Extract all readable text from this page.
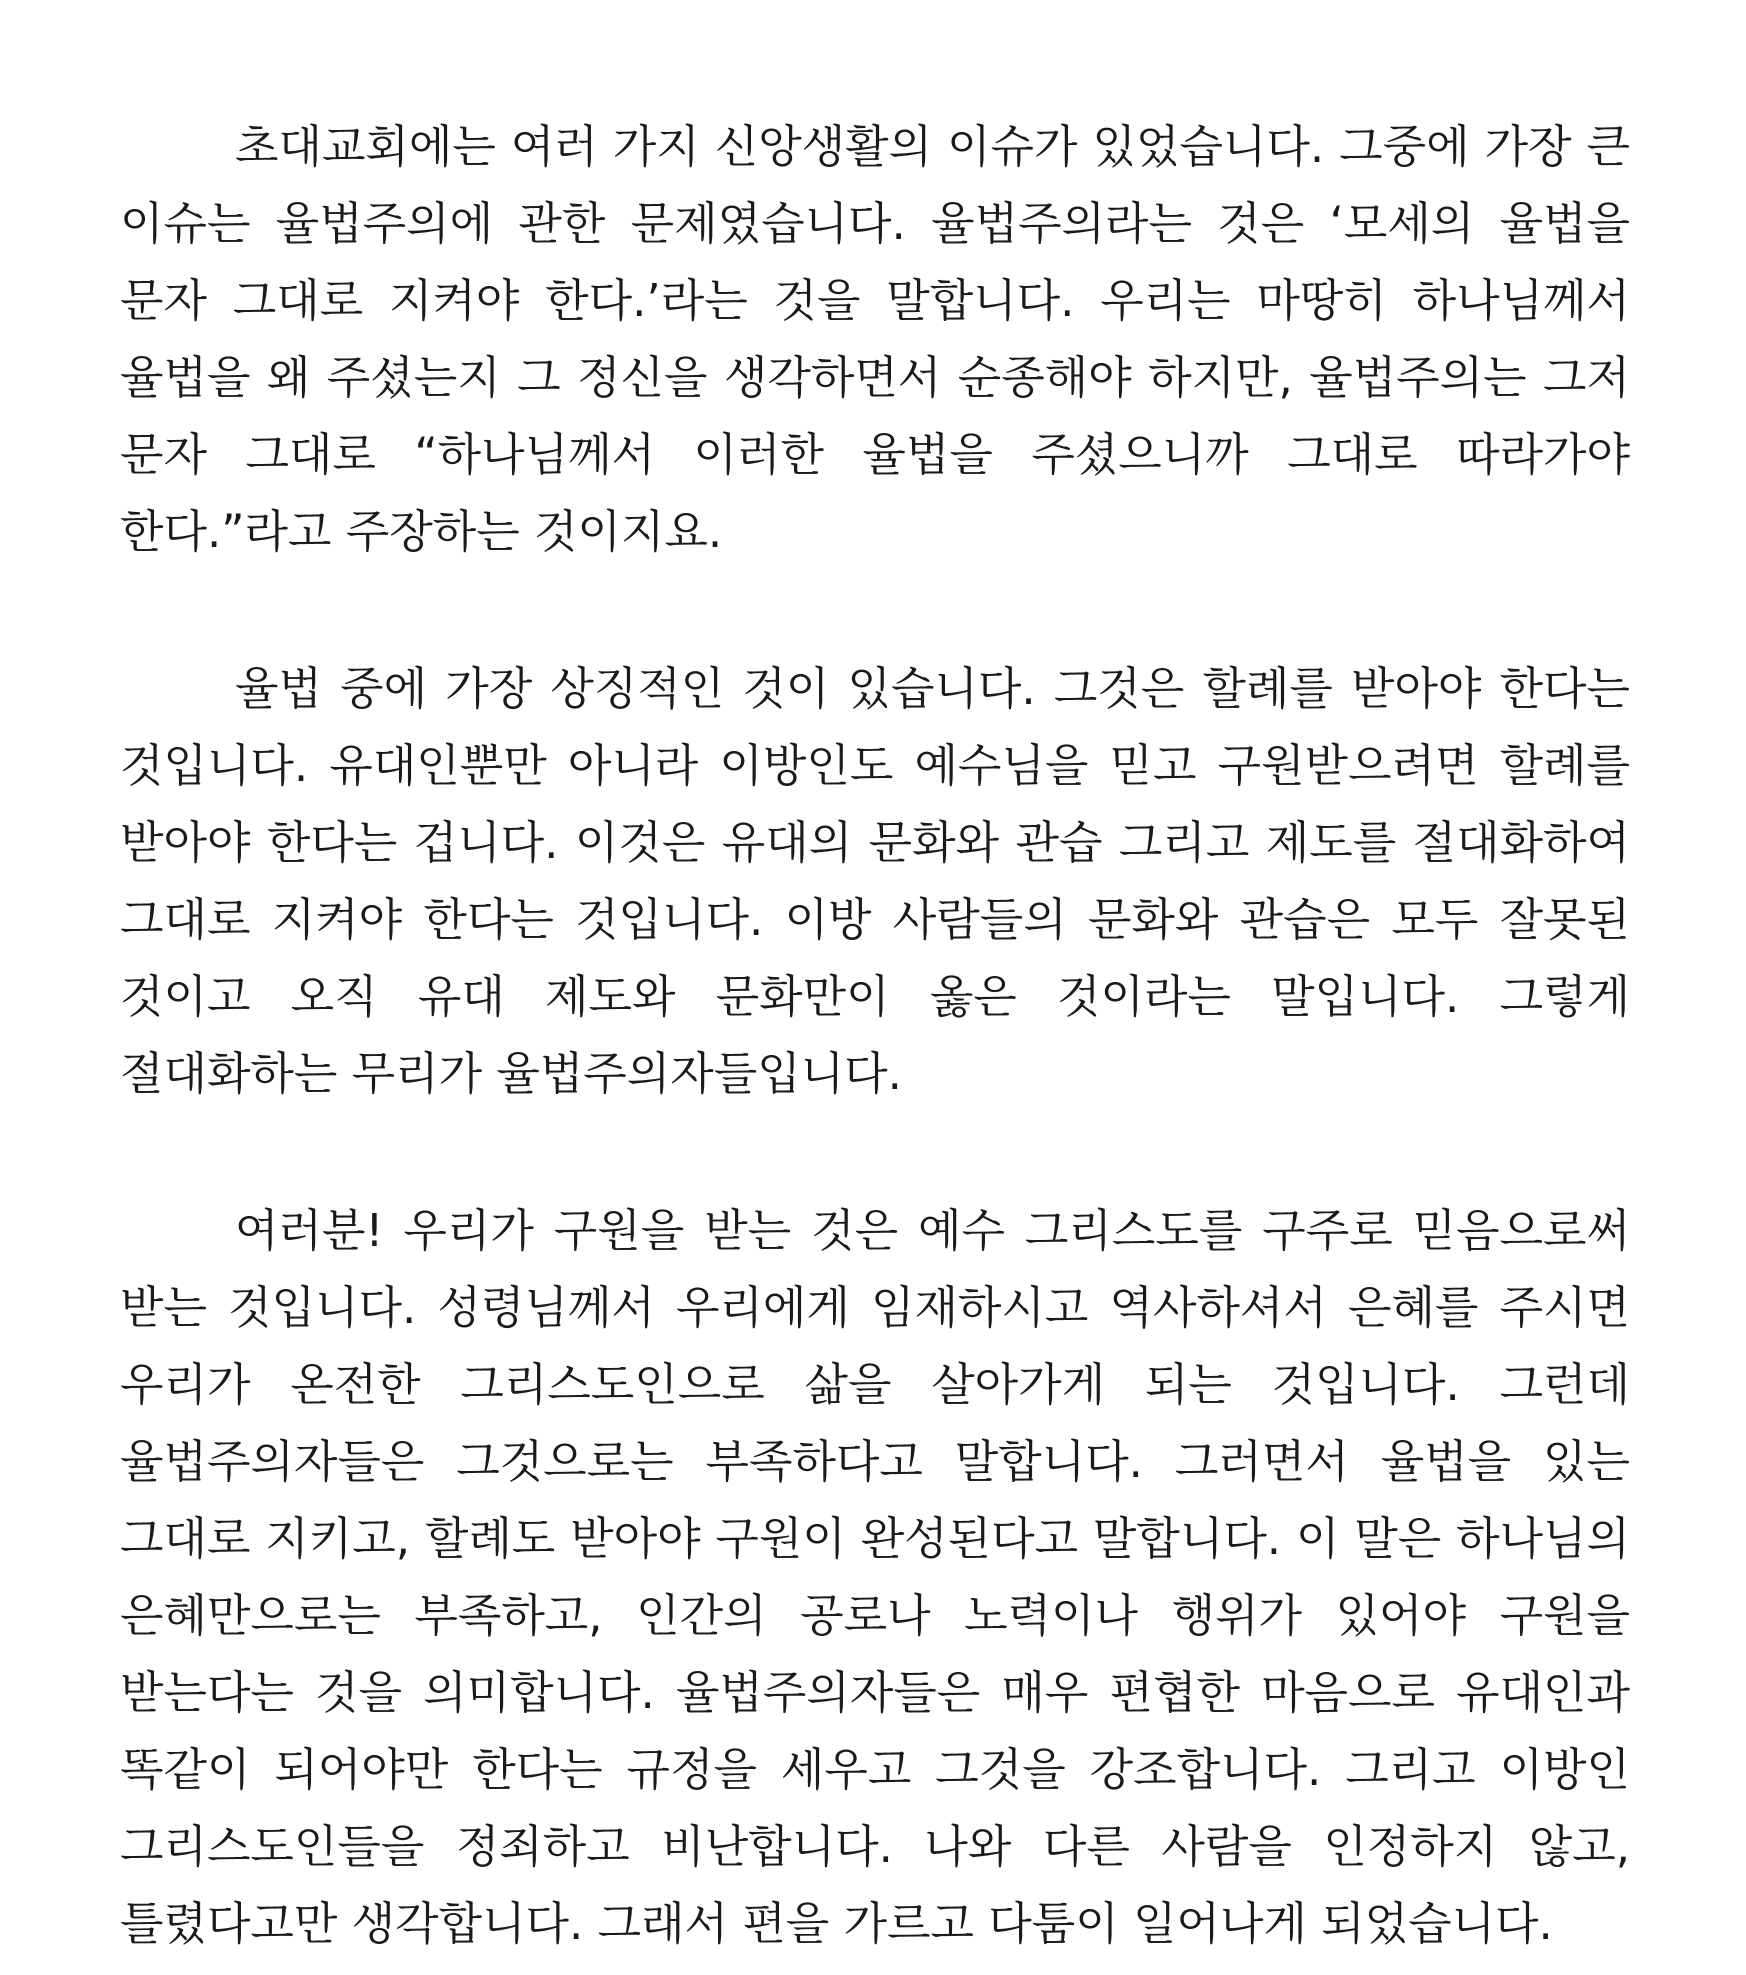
초대교회에는 여러 가지 신앙생활의 이슈가 있었습니다. 그중에 가장 큰 이슈는 율법주의에 관한 문제였습니다. 율법주의라는 것은 ‘모세의 율법을 문자 그대로 지켜야 한다.’라는 것을 말합니다. 우리는 마땅히 하나님께서 율법을 왜 주셨는지 그 정신을 생각하면서 순종해야 하지만, 율법주의는 그저 문자 그대로 “하나님께서 이러한 율법을 주셨으니까 그대로 따라가야 한다.”라고 주장하는 것이지요.

율법 중에 가장 상징적인 것이 있습니다. 그것은 할례를 받아야 한다는 것입니다. 유대인뿐만 아니라 이방인도 예수님을 믿고 구원받으려면 할례를 받아야 한다는 겁니다. 이것은 유대의 문화와 관습 그리고 제도를 절대화하여 그대로 지켜야 한다는 것입니다. 이방 사람들의 문화와 관습은 모두 잘못된 것이고 오직 유대 제도와 문화만이 옳은 것이라는 말입니다. 그렇게 절대화하는 무리가 율법주의자들입니다.

여러분! 우리가 구원을 받는 것은 예수 그리스도를 구주로 믿음으로써 받는 것입니다. 성령님께서 우리에게 임재하시고 역사하셔서 은혜를 주시면 우리가 온전한 그리스도인으로 삶을 살아가게 되는 것입니다. 그런데 율법주의자들은 그것으로는 부족하다고 말합니다. 그러면서 율법을 있는 그대로 지키고, 할례도 받아야 구원이 완성된다고 말합니다. 이 말은 하나님의 은혜만으로는 부족하고, 인간의 공로나 노력이나 행위가 있어야 구원을 받는다는 것을 의미합니다. 율법주의자들은 매우 편협한 마음으로 유대인과 똑같이 되어야만 한다는 규정을 세우고 그것을 강조합니다. 그리고 이방인 그리스도인들을 정죄하고 비난합니다. 나와 다른 사람을 인정하지 않고, 틀렸다고만 생각합니다. 그래서 편을 가르고 다툼이 일어나게 되었습니다.
